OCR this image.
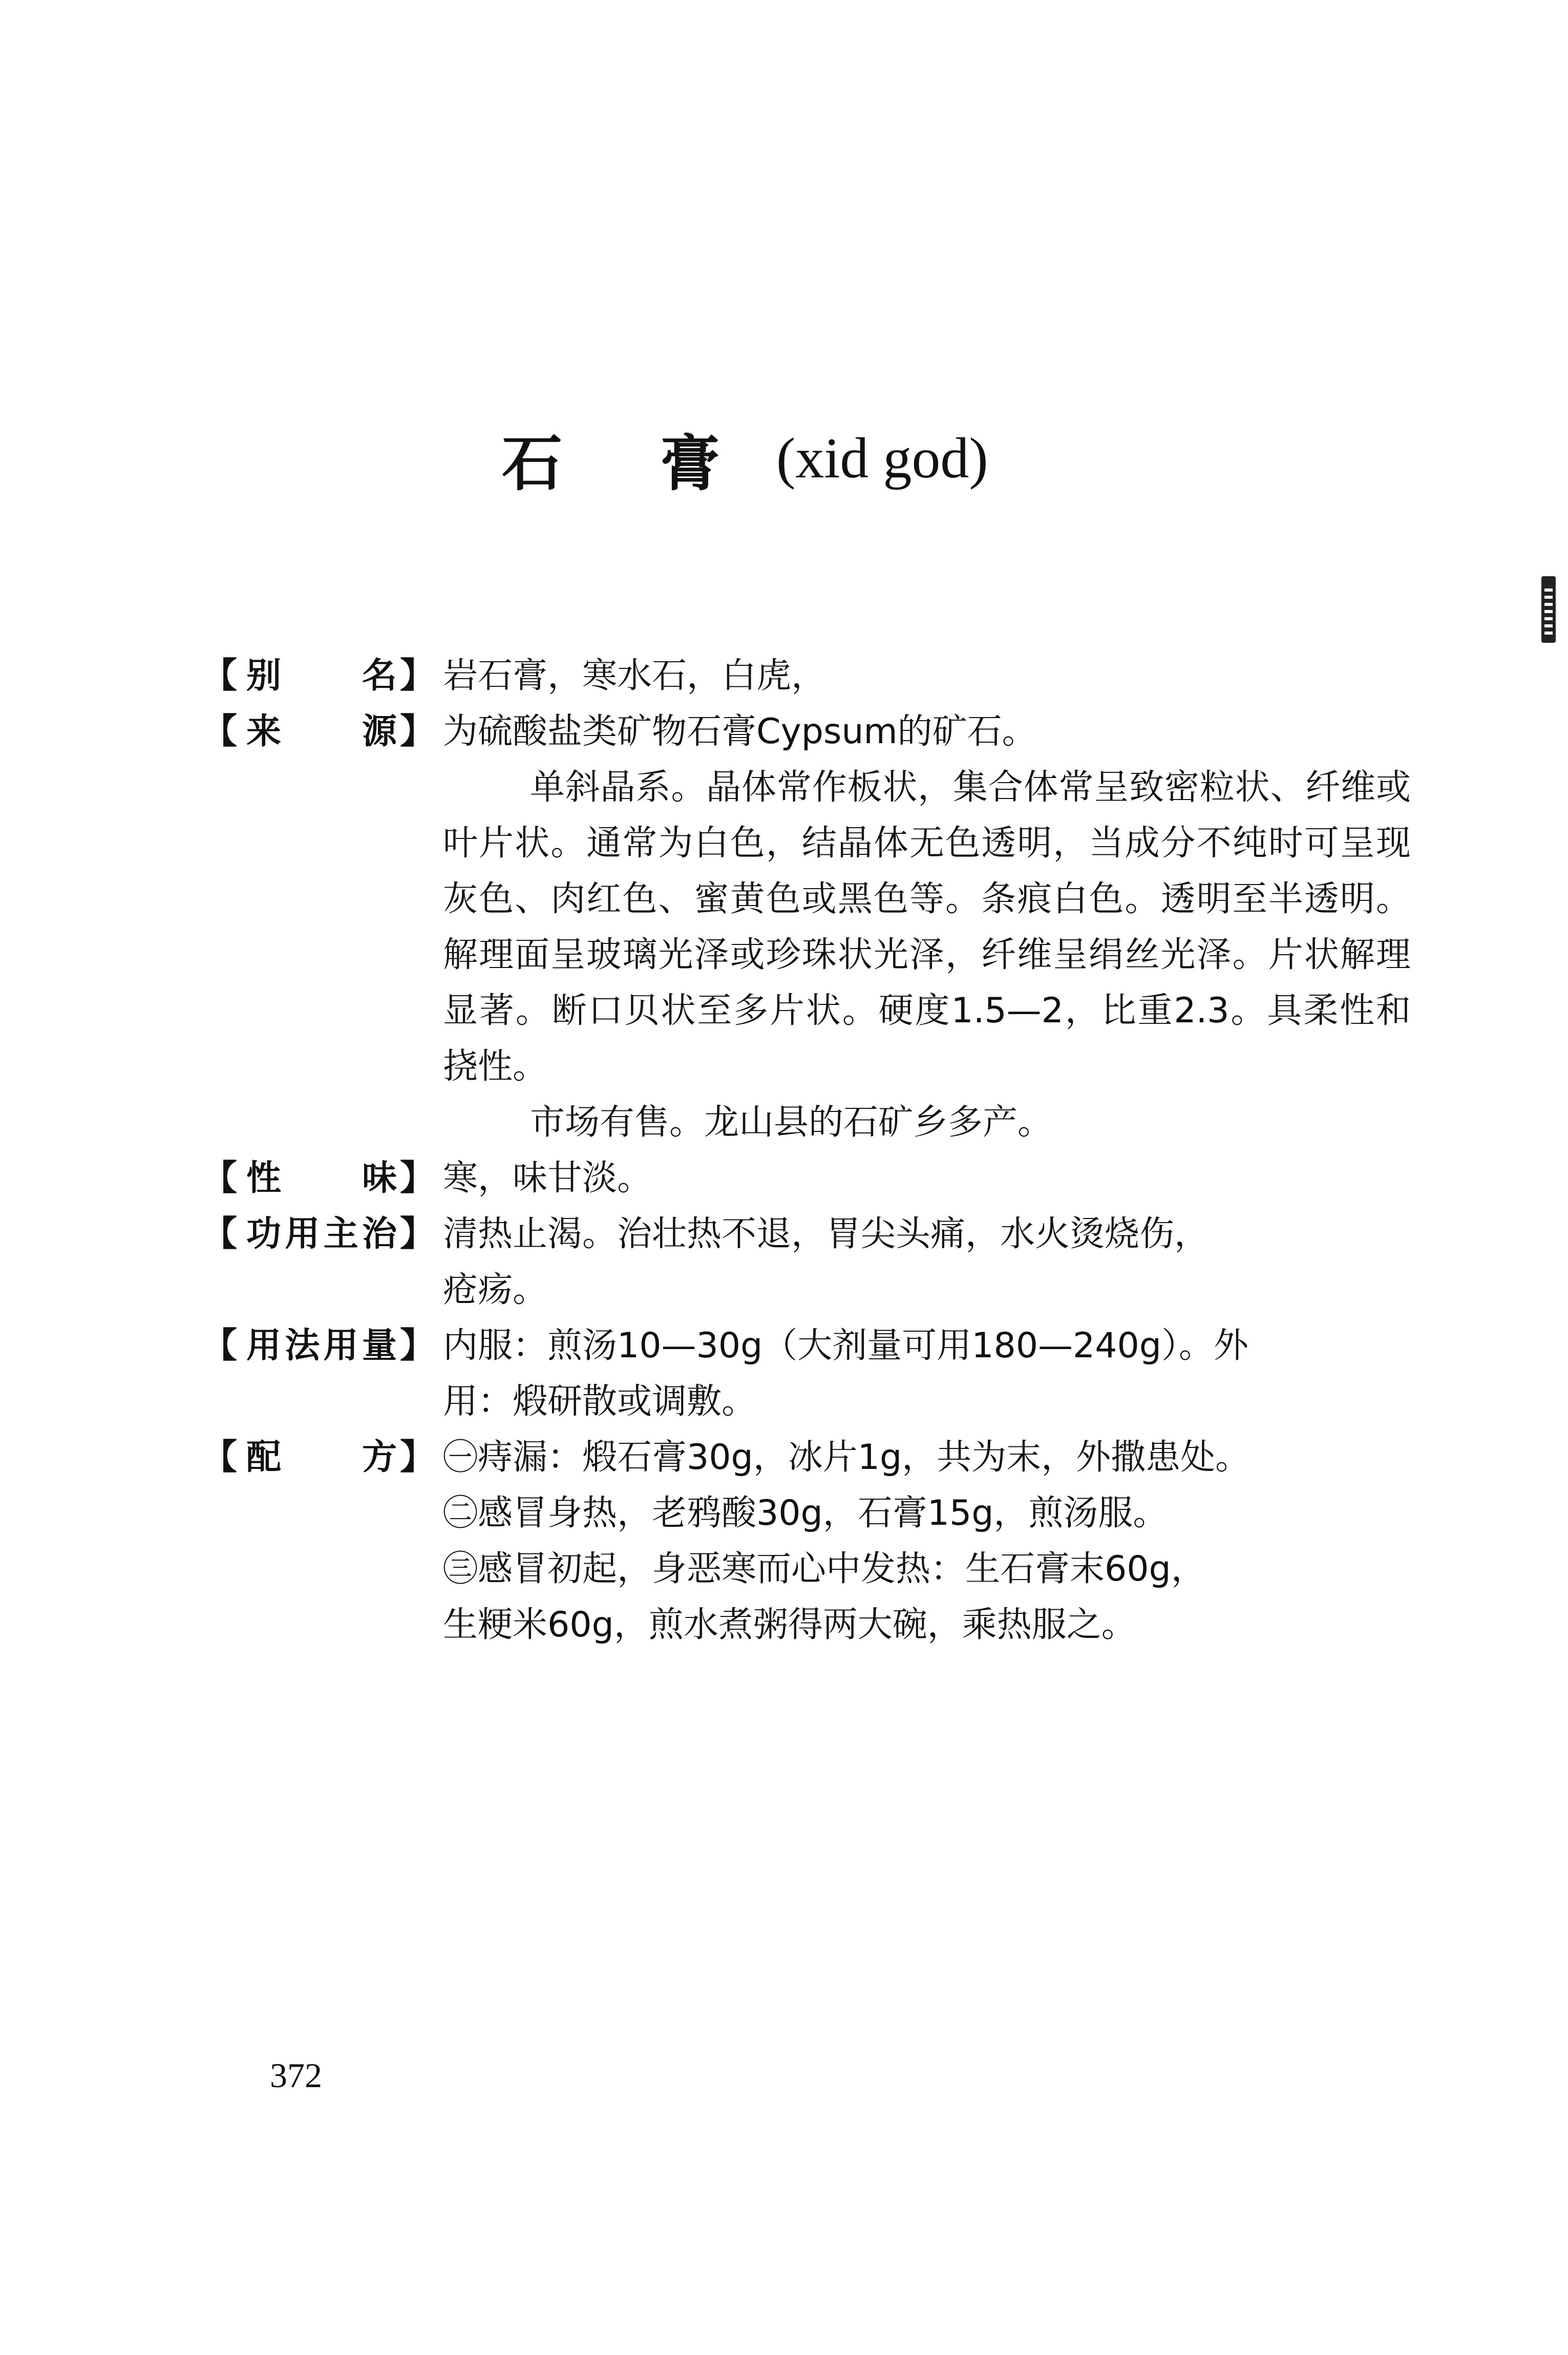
石膏
(xid god)
【 别 名 】 岩石膏，寒水石，白虎，

【 来 源 】 为硫酸盐类矿物石膏Cypsum的矿石。

单斜晶系。晶体常作板状，集合体常呈致密粒状、纤维或叶片状。通常为白色，结晶体无色透明，当成分不纯时可呈现灰色、肉红色、蜜黄色或黑色等。条痕白色。透明至半透明。解理面呈玻璃光泽或珍珠状光泽，纤维呈绢丝光泽。片状解理显著。断口贝状至多片状。硬度1.5—2，比重2.3。具柔性和挠性。

市场有售。龙山县的石矿乡多产。

【 性 味 】 寒，味甘淡。

【 功 用 主 治 】 清热止渴。治壮热不退，胃尖头痛，水火烫烧伤，

疮疡。

【 用 法 用 量 】 内服：煎汤10—30g（大剂量可用180—240g）。外

用：煅研散或调敷。

【 配 方 】 ㊀痔漏：煅石膏30g，冰片1g，共为末，外撒患处。

㊁感冒身热，老鸦酸30g，石膏15g，煎汤服。

㊂感冒初起，身恶寒而心中发热：生石膏末60g，

生粳米60g，煎水煮粥得两大碗，乘热服之。

372
